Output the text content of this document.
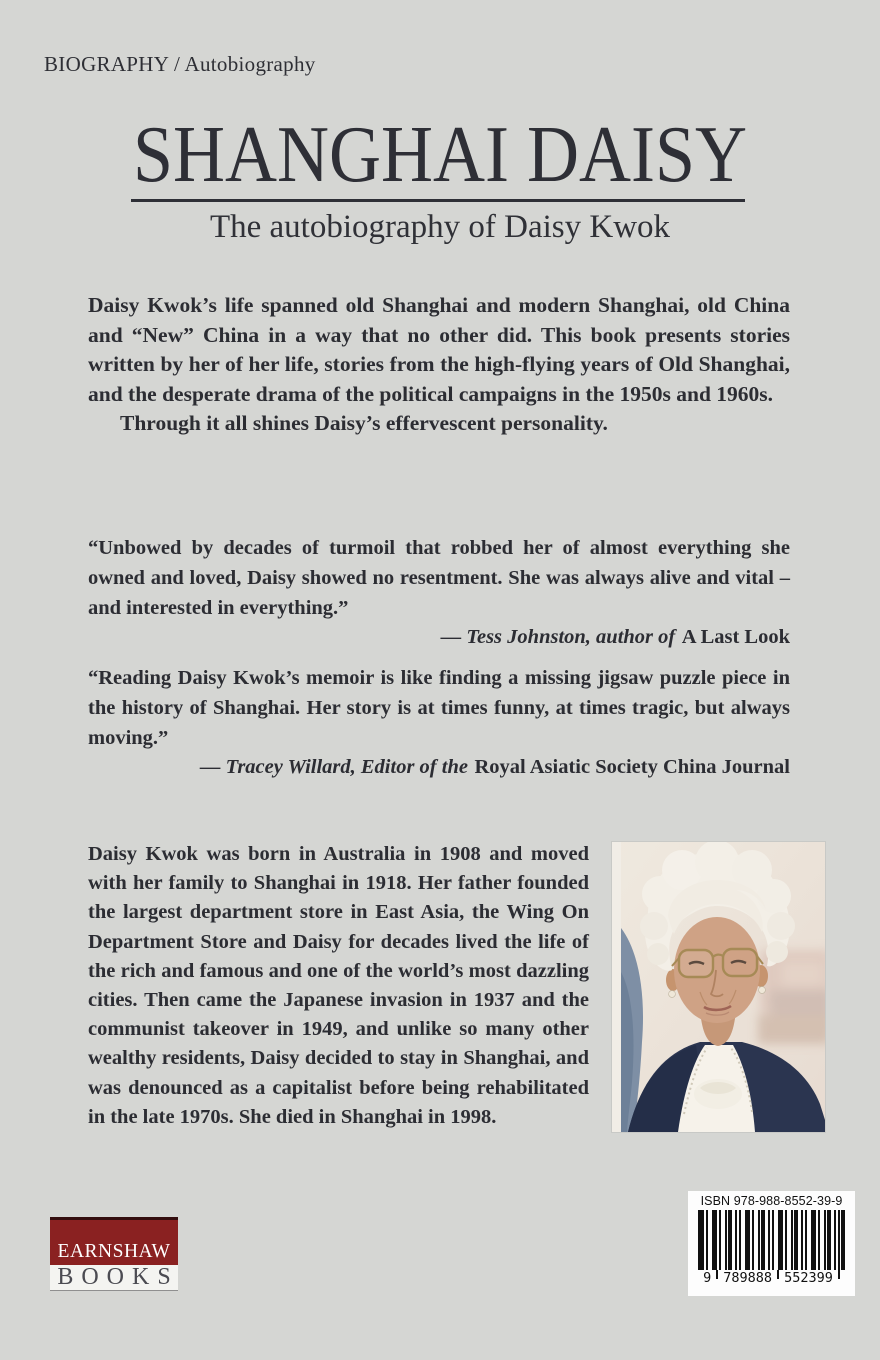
BIOGRAPHY / Autobiography
SHANGHAI DAISY
The autobiography of Daisy Kwok

Daisy Kwok’s life spanned old Shanghai and modern Shanghai, old China and “New” China in a way that no other did. This book presents stories written by her of her life, stories from the high-flying years of Old Shanghai, and the desperate drama of the political campaigns in the 1950s and 1960s.

Through it all shines Daisy’s effervescent personality.

“Unbowed by decades of turmoil that robbed her of almost everything she owned and loved, Daisy showed no resentment. She was always alive and vital – and interested in everything.”

— Tess Johnston, author of A Last Look

“Reading Daisy Kwok’s memoir is like finding a missing jigsaw puzzle piece in the history of Shanghai. Her story is at times funny, at times tragic, but always moving.”

— Tracey Willard, Editor of the Royal Asiatic Society China Journal

Daisy Kwok was born in Australia in 1908 and moved with her family to Shanghai in 1918. Her father founded the largest department store in East Asia, the Wing On Department Store and Daisy for decades lived the life of the rich and famous and one of the world’s most dazzling cities. Then came the Japanese invasion in 1937 and the communist takeover in 1949, and unlike so many other wealthy residents, Daisy decided to stay in Shanghai, and was denounced as a capitalist before being rehabilitated in the late 1970s. She died in Shanghai in 1998.
EARNSHAW
BOOKS
ISBN 978-988-8552-39-9
9 789888 552399
